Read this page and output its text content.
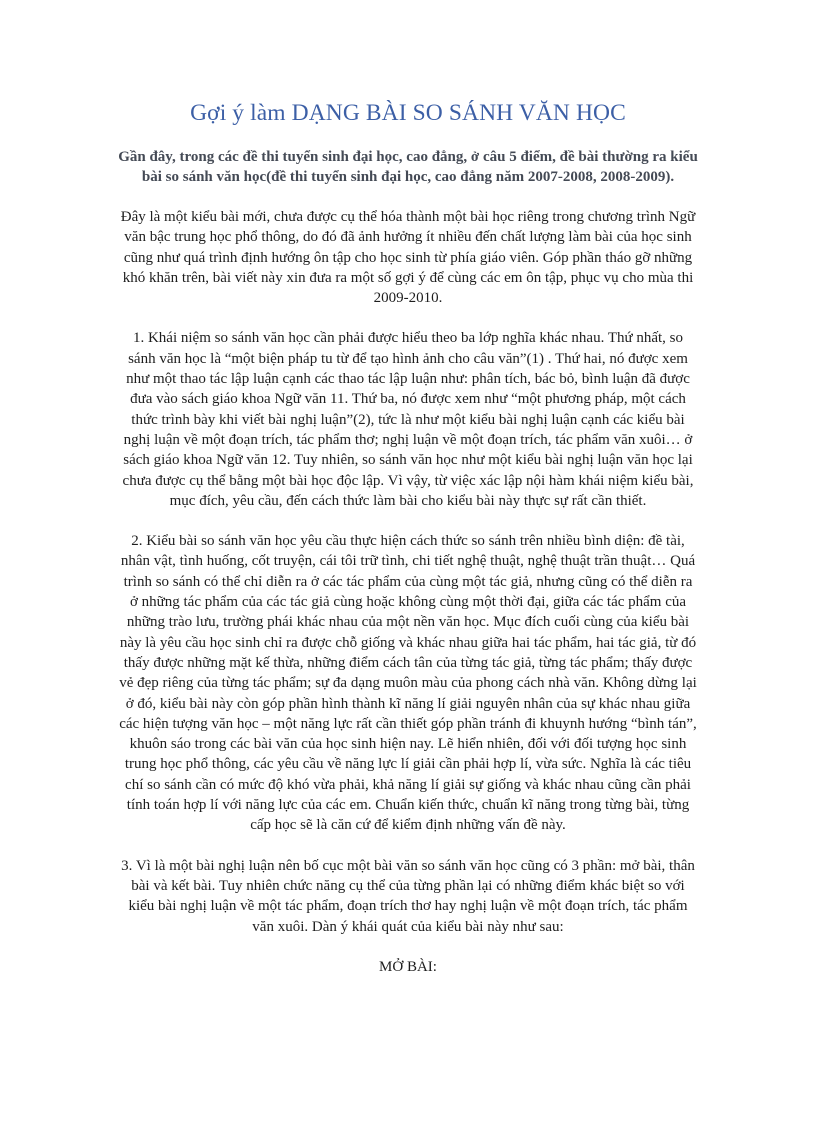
Gợi ý làm DẠNG BÀI SO SÁNH VĂN HỌC

Gần đây, trong các đề thi tuyển sinh đại học, cao đẳng, ở câu 5 điểm, đề bài thường ra kiểu bài so sánh văn học(đề thi tuyển sinh đại học, cao đẳng năm 2007-2008, 2008-2009).

Đây là một kiểu bài mới, chưa được cụ thể hóa thành một bài học riêng trong chương trình Ngữ văn bậc trung học phổ thông, do đó đã ảnh hưởng ít nhiều đến chất lượng làm bài của học sinh cũng như quá trình định hướng ôn tập cho học sinh từ phía giáo viên. Góp phần tháo gỡ những khó khăn trên, bài viết này xin đưa ra một số gợi ý để cùng các em ôn tập, phục vụ cho mùa thi 2009-2010.

1. Khái niệm so sánh văn học cần phải được hiểu theo ba lớp nghĩa khác nhau. Thứ nhất, so sánh văn học là “một biện pháp tu từ để tạo hình ảnh cho câu văn”(1) . Thứ hai, nó được xem như một thao tác lập luận cạnh các thao tác lập luận như: phân tích, bác bỏ, bình luận đã được đưa vào sách giáo khoa Ngữ văn 11. Thứ ba, nó được xem như “một phương pháp, một cách thức trình bày khi viết bài nghị luận”(2), tức là như một kiểu bài nghị luận cạnh các kiểu bài nghị luận về một đoạn trích, tác phẩm thơ; nghị luận về một đoạn trích, tác phẩm văn xuôi… ở sách giáo khoa Ngữ văn 12. Tuy nhiên, so sánh văn học như một kiểu bài nghị luận văn học lại chưa được cụ thể bằng một bài học độc lập. Vì vậy, từ việc xác lập nội hàm khái niệm kiểu bài, mục đích, yêu cầu, đến cách thức làm bài cho kiểu bài này thực sự rất cần thiết.

2. Kiểu bài so sánh văn học yêu cầu thực hiện cách thức so sánh trên nhiều bình diện: đề tài, nhân vật, tình huống, cốt truyện, cái tôi trữ tình, chi tiết nghệ thuật, nghệ thuật trần thuật… Quá trình so sánh có thể chỉ diễn ra ở các tác phẩm của cùng một tác giả, nhưng cũng có thể diễn ra ở những tác phẩm của các tác giả cùng hoặc không cùng một thời đại, giữa các tác phẩm của những trào lưu, trường phái khác nhau của một nền văn học. Mục đích cuối cùng của kiểu bài này là yêu cầu học sinh chỉ ra được chỗ giống và khác nhau giữa hai tác phẩm, hai tác giả, từ đó thấy được những mặt kế thừa, những điểm cách tân của từng tác giả, từng tác phẩm; thấy được vẻ đẹp riêng của từng tác phẩm; sự đa dạng muôn màu của phong cách nhà văn. Không dừng lại ở đó, kiểu bài này còn góp phần hình thành kĩ năng lí giải nguyên nhân của sự khác nhau giữa các hiện tượng văn học – một năng lực rất cần thiết góp phần tránh đi khuynh hướng “bình tán”, khuôn sáo trong các bài văn của học sinh hiện nay. Lẽ hiển nhiên, đối với đối tượng học sinh trung học phổ thông, các yêu cầu về năng lực lí giải cần phải hợp lí, vừa sức. Nghĩa là các tiêu chí so sánh cần có mức độ khó vừa phải, khả năng lí giải sự giống và khác nhau cũng cần phải tính toán hợp lí với năng lực của các em. Chuẩn kiến thức, chuẩn kĩ năng trong từng bài, từng cấp học sẽ là căn cứ để kiểm định những vấn đề này.

3. Vì là một bài nghị luận nên bố cục một bài văn so sánh văn học cũng có 3 phần: mở bài, thân bài và kết bài. Tuy nhiên chức năng cụ thể của từng phần lại có những điểm khác biệt so với kiểu bài nghị luận về một tác phẩm, đoạn trích thơ hay nghị luận về một đoạn trích, tác phẩm văn xuôi. Dàn ý khái quát của kiểu bài này như sau:

MỞ BÀI:
